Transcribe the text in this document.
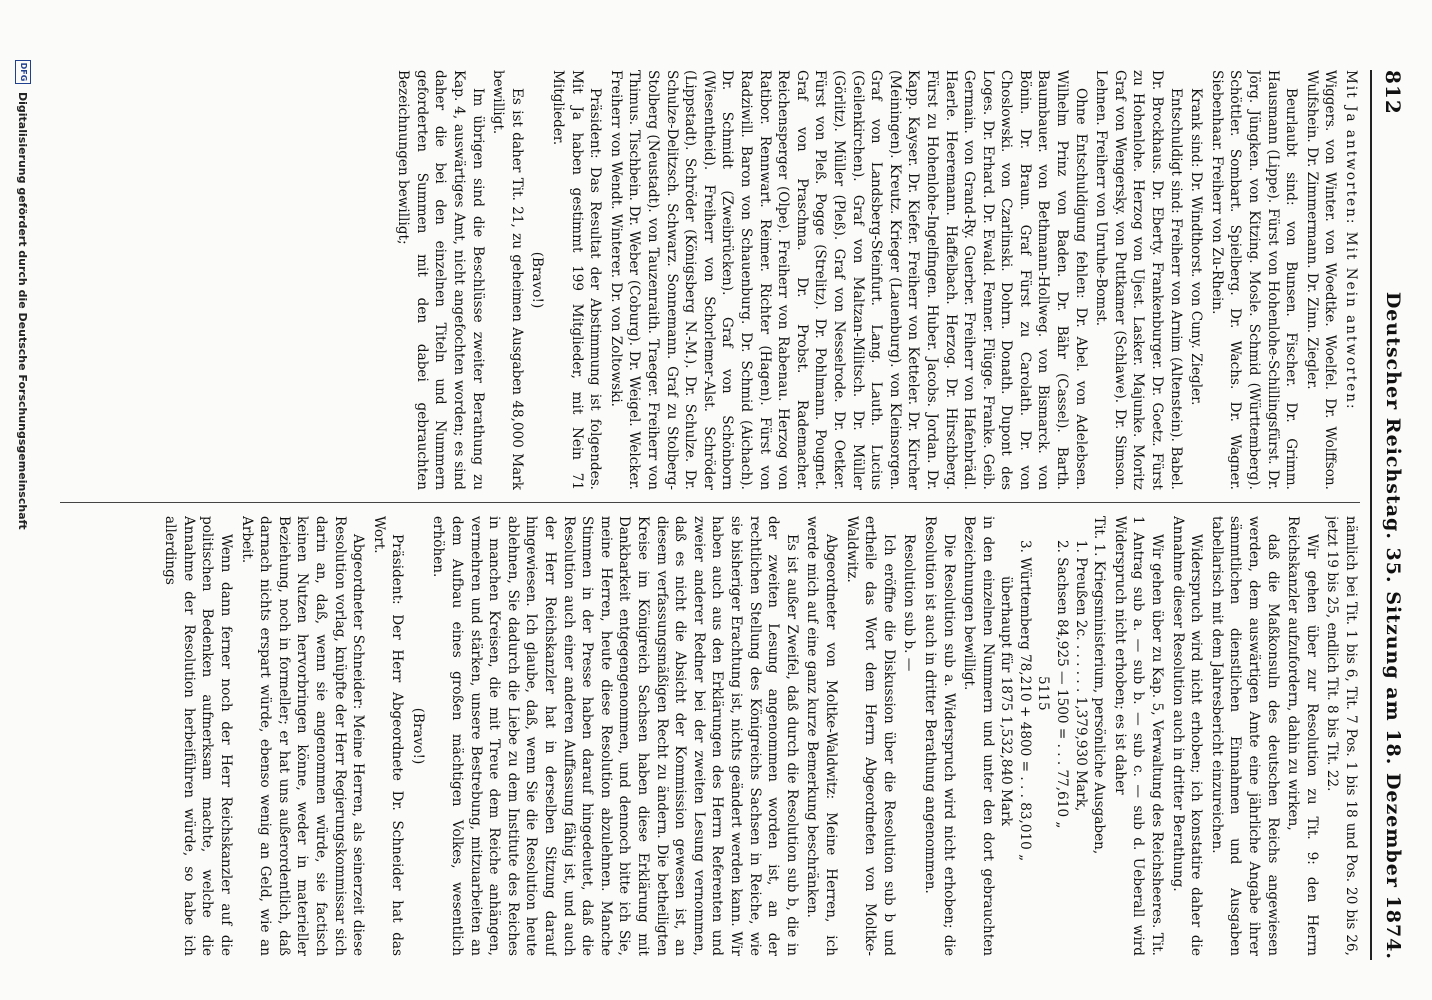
812
Deutscher Reichstag. 35. Sitzung am 18. Dezember 1874.

Mit Ja antworten: Mit Nein antworten:

Wiggers. von Winter. von Woedtke. Woelfel. Dr. Wolffson. Wulfshein. Dr. Zimmermann. Dr. Zinn. Ziegler.

Beurlaubt sind: von Bunsen. Fischer. Dr. Grimm. Hausmann (Lippe). Fürst von Hohenlohe-Schillingsfürst. Dr. Jörg. Jüngken. von Kitzing. Mosle. Schmid (Württemberg). Schöttler. Sombart. Spielberg. Dr. Wachs. Dr. Wagner. Siebenhaar. Freiherr von Zu-Rhein.

Krank sind: Dr. Windthorst. von Cuny. Ziegler.

Entschuldigt sind: Freiherr von Arnim (Altenstein). Babel. Dr. Brockhaus. Dr. Eberty. Frankenburger. Dr. Goetz. Fürst zu Hohenlohe. Herzog von Ujest. Lasker. Majunke. Moritz Graf von Wengersky. von Puttkamer (Schlawe). Dr. Simson. Lehnen. Freiherr von Unruhe-Bomst.

Ohne Entschuldigung fehlen: Dr. Abel. von Adelebsen. Wilhelm Prinz von Baden. Dr. Bähr (Cassel). Barth. Baumbauer. von Bethmann-Hollweg. von Bismarck. von Bönin. Dr. Braun. Graf Fürst zu Carolath. Dr. von Choslowski. von Czarlinski. Dohrn. Donath. Dupont des Loges. Dr. Erhard. Dr. Ewald. Fenner. Flügge. Franke. Geib. Germain. von Grand-Ry. Guerber. Freiherr von Hafenbrädl. Haerle. Heeremann. Haffelbach. Herzog. Dr. Hirschberg. Fürst zu Hohenlohe-Ingelfingen. Huber. Jacobs. Jordan. Dr. Kapp. Kayser. Dr. Kiefer. Freiherr von Ketteler. Dr. Kircher (Meiningen). Kreutz. Krieger (Lauenburg). von Kleinsorgen. Graf von Landsberg-Steinfurt. Lang. Lauth. Lucius (Geilenkirchen). Graf von Maltzan-Militsch. Dr. Müller (Görlitz). Müller (Pleß). Graf von Nesselrode. Dr. Oetker. Fürst von Pleß. Pogge (Strelitz). Dr. Pohlmann. Pougnet. Graf von Praschma. Dr. Probst. Rademacher. Reichensperger (Olpe). Freiherr von Rabenau. Herzog von Ratibor. Rennwart. Reimer. Richter (Hagen). Fürst von Radziwill. Baron von Schauenburg. Dr. Schmid (Aichach). Dr. Schmidt (Zweibrücken). Graf von Schönborn (Wiesentheid). Freiherr von Schorlemer-Alst. Schröder (Lippstadt). Schröder (Königsberg N.-M.). Dr. Schulze. Dr. Schulze-Delitzsch. Schwarz. Sonnemann. Graf zu Stolberg-Stolberg (Neustadt). von Tauzenraith. Traeger. Freiherr von Thimus. Tischbein. Dr. Weber (Coburg). Dr. Weigel. Welcker. Freiherr von Wendt. Winterer. Dr. von Zoltowski.

Präsident: Das Resultat der Abstimmung ist folgendes. Mit Ja haben gestimmt 199 Mitglieder, mit Nein 71 Mitglieder.

(Bravo!)

Es ist daher Tit. 21, zu geheimen Ausgaben 48,000 Mark bewilligt.

Im übrigen sind die Beschlüsse zweiter Berathung zu Kap. 4, auswärtiges Amt, nicht angefochten worden; es sind daher die bei den einzelnen Titeln und Nummern geforderten Summen mit den dabei gebrauchten Bezeichnungen bewilligt;

nämlich bei Tit. 1 bis 6, Tit. 7 Pos. 1 bis 18 und Pos. 20 bis 26, jetzt 19 bis 25, endlich Tit. 8 bis Tit. 22.

Wir gehen über zur Resolution zu Tit. 9: den Herrn Reichskanzler aufzufordern, dahin zu wirken,

daß die Maßkonsuln des deutschen Reichs angewiesen werden, dem auswärtigen Amte eine jährliche Angabe ihrer sämmtlichen dienstlichen Einnahmen und Ausgaben tabellarisch mit dem Jahresbericht einzureichen.

Widerspruch wird nicht erhoben; ich konstatire daher die Annahme dieser Resolution auch in dritter Berathung.

Wir gehen über zu Kap. 5, Verwaltung des Reichsheeres. Tit. 1 Antrag sub a. — sub b. — sub c. — sub d. Ueberall wird Widerspruch nicht erhoben; es ist daher

Tit. 1. Kriegsministerium, persönliche Ausgaben,

1. Preußen 2c. . . . . . . 1,379,930 Mark,

2. Sachsen 84,925 — 1500 = . . . 77,610 „

5115

3. Württemberg 78,210 + 4800 = . . . 83,010 „

überhaupt für 1875 1,532,840 Mark

in den einzelnen Nummern und unter den dort gebrauchten Bezeichnungen bewilligt.

Die Resolution sub a. Widerspruch wird nicht erhoben; die Resolution ist auch in dritter Berathung angenommen.

Resolution sub b. —

Ich eröffne die Diskussion über die Resolution sub b und ertheile das Wort dem Herrn Abgeordneten von Moltke-Waldwitz.

Abgeordneter von Moltke-Waldwitz: Meine Herren, ich werde mich auf eine ganz kurze Bemerkung beschränken.

Es ist außer Zweifel, daß durch die Resolution sub b, die in der zweiten Lesung angenommen worden ist, an der rechtlichen Stellung des Königreichs Sachsen in Reiche, wie sie bisheriger Erachtung ist, nichts geändert werden kann. Wir haben auch aus den Erklärungen des Herrn Referenten und zweier anderer Redner bei der zweiten Lesung vernommen, daß es nicht die Absicht der Kommission gewesen ist, an diesem verfassungsmäßigen Recht zu ändern. Die betheiligten Kreise im Königreich Sachsen haben diese Erklärung mit Dankbarkeit entgegengenommen, und dennoch bitte ich Sie, meine Herren, heute diese Resolution abzulehnen. Manche Stimmen in der Presse haben darauf hingedeutet, daß die Resolution auch einer anderen Auffassung fähig ist, und auch der Herr Reichskanzler hat in derselben Sitzung darauf hingewiesen. Ich glaube, daß, wenn Sie die Resolution heute ablehnen, Sie dadurch die Liebe zu dem Institute des Reiches in manchen Kreisen, die mit Treue dem Reiche anhängen, vermehren und stärken, unsere Bestrebung, mitzuarbeiten an dem Aufbau eines großen mächtigen Volkes, wesentlich erhöhen.

(Bravo!)

Präsident: Der Herr Abgeordnete Dr. Schneider hat das Wort.

Abgeordneter Schneider: Meine Herren, als seinerzeit diese Resolution vorlag, knüpfte der Herr Regierungskommissar sich darin an, daß, wenn sie angenommen würde, sie factisch keinen Nutzen hervorbringen könne, weder in materieller Beziehung, noch in formeller; er hat uns außerordentlich, daß darnach nichts erspart würde, ebenso wenig an Geld, wie an Arbeit.

Wenn dann ferner noch der Herr Reichskanzler auf die politischen Bedenken aufmerksam machte, welche die Annahme der Resolution herbeiführen würde, so habe ich allerdings

DFG
Digitalisierung gefördert durch die Deutsche Forschungsgemeinschaft
